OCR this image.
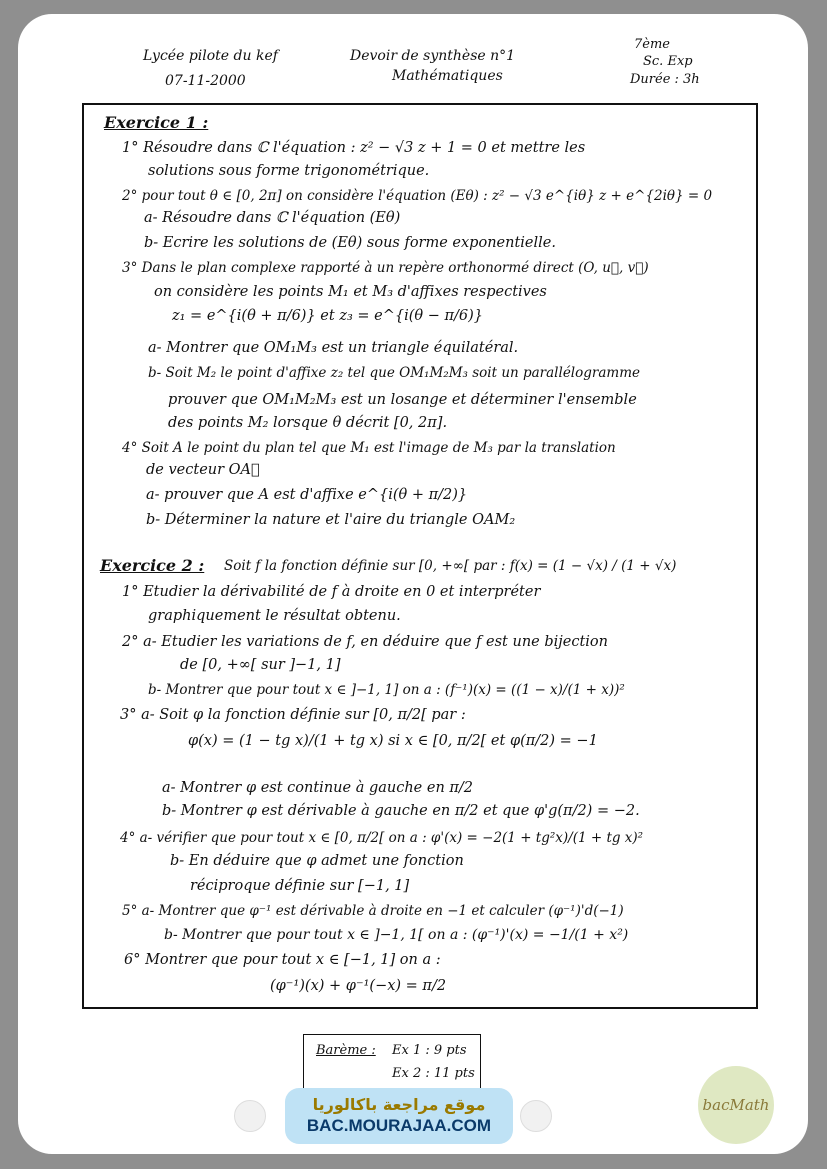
Lycée pilote du kef
07-11-2000
Devoir de synthèse n°1
Mathématiques
7ème
Sc. Exp
Durée : 3h
Exercice 1 :
1° Résoudre dans ℂ l'équation : z² − √3 z + 1 = 0 et mettre les
solutions sous forme trigonométrique.
2° pour tout θ ∈ [0, 2π] on considère l'équation (Eθ) : z² − √3 e^{iθ} z + e^{2iθ} = 0
a- Résoudre dans ℂ l'équation (Eθ)
b- Ecrire les solutions de (Eθ) sous forme exponentielle.
3° Dans le plan complexe rapporté à un repère orthonormé direct (O, u⃗, v⃗)
on considère les points M₁ et M₃ d'affixes respectives
z₁ = e^{i(θ + π/6)} et z₃ = e^{i(θ − π/6)}
a- Montrer que OM₁M₃ est un triangle équilatéral.
b- Soit M₂ le point d'affixe z₂ tel que OM₁M₂M₃ soit un parallélogramme
prouver que OM₁M₂M₃ est un losange et déterminer l'ensemble
des points M₂ lorsque θ décrit [0, 2π].
4° Soit A le point du plan tel que M₁ est l'image de M₃ par la translation
de vecteur OA⃗
a- prouver que A est d'affixe e^{i(θ + π/2)}
b- Déterminer la nature et l'aire du triangle OAM₂
Exercice 2 : Soit f la fonction définie sur [0, +∞[ par : f(x) = (1 − √x) / (1 + √x)
1° Etudier la dérivabilité de f à droite en 0 et interpréter
graphiquement le résultat obtenu.
2° a- Etudier les variations de f, en déduire que f est une bijection
de [0, +∞[ sur ]−1, 1]
b- Montrer que pour tout x ∈ ]−1, 1] on a : (f⁻¹)(x) = ((1 − x)/(1 + x))²
3° a- Soit φ la fonction définie sur [0, π/2[ par :
φ(x) = (1 − tg x)/(1 + tg x) si x ∈ [0, π/2[ et φ(π/2) = −1
a- Montrer φ est continue à gauche en π/2
b- Montrer φ est dérivable à gauche en π/2 et que φ'g(π/2) = −2.
4° a- vérifier que pour tout x ∈ [0, π/2[ on a : φ'(x) = −2(1 + tg²x)/(1 + tg x)²
b- En déduire que φ admet une fonction
réciproque définie sur [−1, 1]
5° a- Montrer que φ⁻¹ est dérivable à droite en −1 et calculer (φ⁻¹)'d(−1)
b- Montrer que pour tout x ∈ ]−1, 1[ on a : (φ⁻¹)'(x) = −1/(1 + x²)
6° Montrer que pour tout x ∈ [−1, 1] on a :
(φ⁻¹)(x) + φ⁻¹(−x) = π/2
Barème : Ex 1 : 9 pts
Ex 2 : 11 pts
موقع مراجعة باكالوريا
BAC.MOURAJAA.COM
bacMath
